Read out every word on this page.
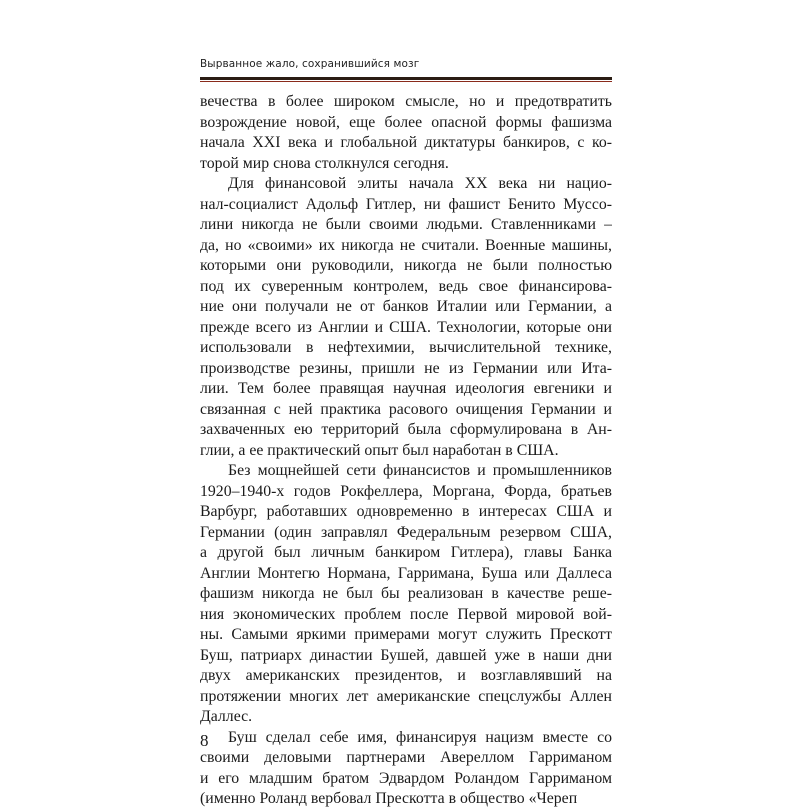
Вырванное жало, сохранившийся мозг

вечества в более широком смысле, но и предотвратить
возрождение новой, еще более опасной формы фашизма
начала XXI века и глобальной диктатуры банкиров, с ко-
торой мир снова столкнулся сегодня.

Для финансовой элиты начала XX века ни нацио-
нал-социалист Адольф Гитлер, ни фашист Бенито Муссо-
лини никогда не были своими людьми. Ставленниками –
да, но «своими» их никогда не считали. Военные машины,
которыми они руководили, никогда не были полностью
под их суверенным контролем, ведь свое финансирова-
ние они получали не от банков Италии или Германии, а
прежде всего из Англии и США. Технологии, которые они
использовали в нефтехимии, вычислительной технике,
производстве резины, пришли не из Германии или Ита-
лии. Тем более правящая научная идеология евгеники и
связанная с ней практика расового очищения Германии и
захваченных ею территорий была сформулирована в Ан-
глии, а ее практический опыт был наработан в США.

Без мощнейшей сети финансистов и промышленников
1920–1940-х годов Рокфеллера, Моргана, Форда, братьев
Варбург, работавших одновременно в интересах США и
Германии (один заправлял Федеральным резервом США,
а другой был личным банкиром Гитлера), главы Банка
Англии Монтегю Нормана, Гарримана, Буша или Даллеса
фашизм никогда не был бы реализован в качестве реше-
ния экономических проблем после Первой мировой вой-
ны. Самыми яркими примерами могут служить Прескотт
Буш, патриарх династии Бушей, давшей уже в наши дни
двух американских президентов, и возглавлявший на
протяжении многих лет американские спецслужбы Аллен
Даллес.

Буш сделал себе имя, финансируя нацизм вместе со
своими деловыми партнерами Авереллом Гарриманом
и его младшим братом Эдвардом Роландом Гарриманом
(именно Роланд вербовал Прескотта в общество «Череп

8
